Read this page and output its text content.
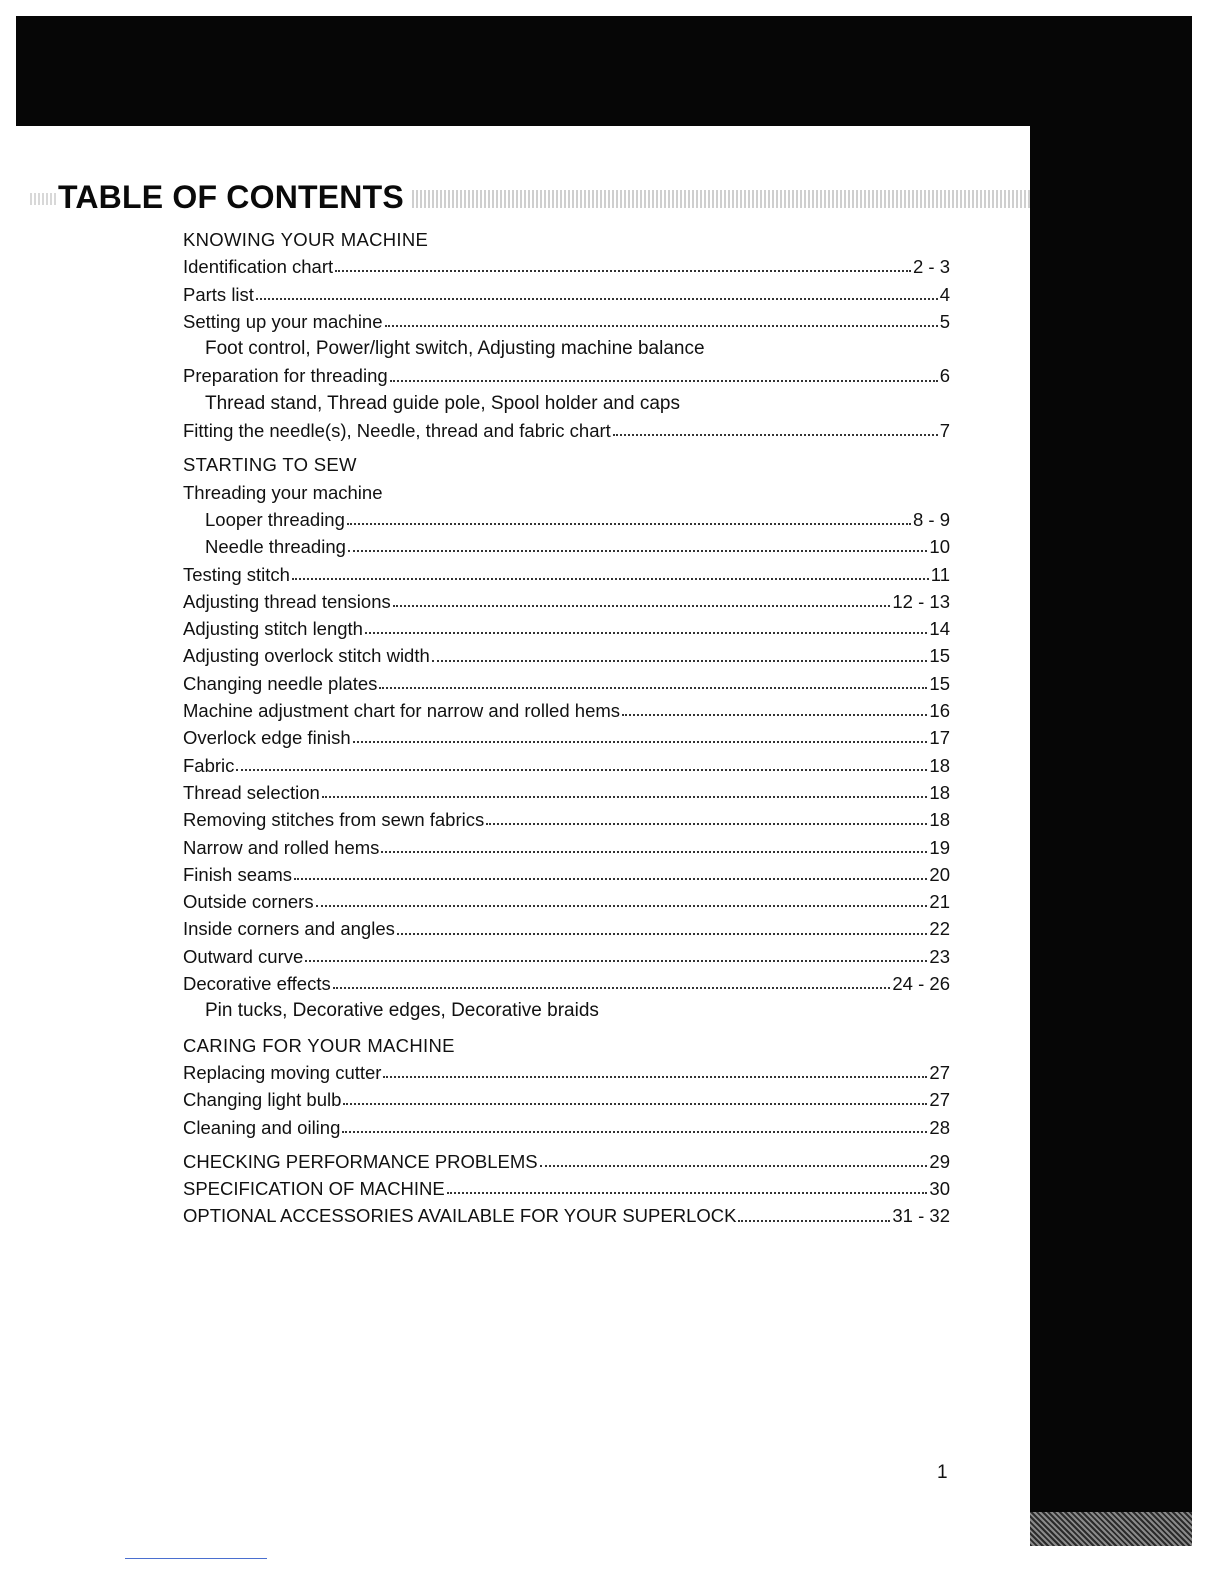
TABLE OF CONTENTS
KNOWING YOUR MACHINE
Identification chart	2 - 3
Parts list	4
Setting up your machine	5
Foot control, Power/light switch, Adjusting machine balance
Preparation for threading	6
Thread stand, Thread guide pole, Spool holder and caps
Fitting the needle(s), Needle, thread and fabric chart	7
STARTING TO SEW
Threading your machine
Looper threading	8 - 9
Needle threading	10
Testing stitch	11
Adjusting thread tensions	12 - 13
Adjusting stitch length	14
Adjusting overlock stitch width	15
Changing needle plates	15
Machine adjustment chart for narrow and rolled hems	16
Overlock edge finish	17
Fabric	18
Thread selection	18
Removing stitches from sewn fabrics	18
Narrow and rolled hems	19
Finish seams	20
Outside corners	21
Inside corners and angles	22
Outward curve	23
Decorative effects	24 - 26
Pin tucks, Decorative edges, Decorative braids
CARING FOR YOUR MACHINE
Replacing moving cutter	27
Changing light bulb	27
Cleaning and oiling	28
CHECKING PERFORMANCE PROBLEMS	29
SPECIFICATION OF MACHINE	30
OPTIONAL ACCESSORIES AVAILABLE FOR YOUR SUPERLOCK	31 - 32
1
